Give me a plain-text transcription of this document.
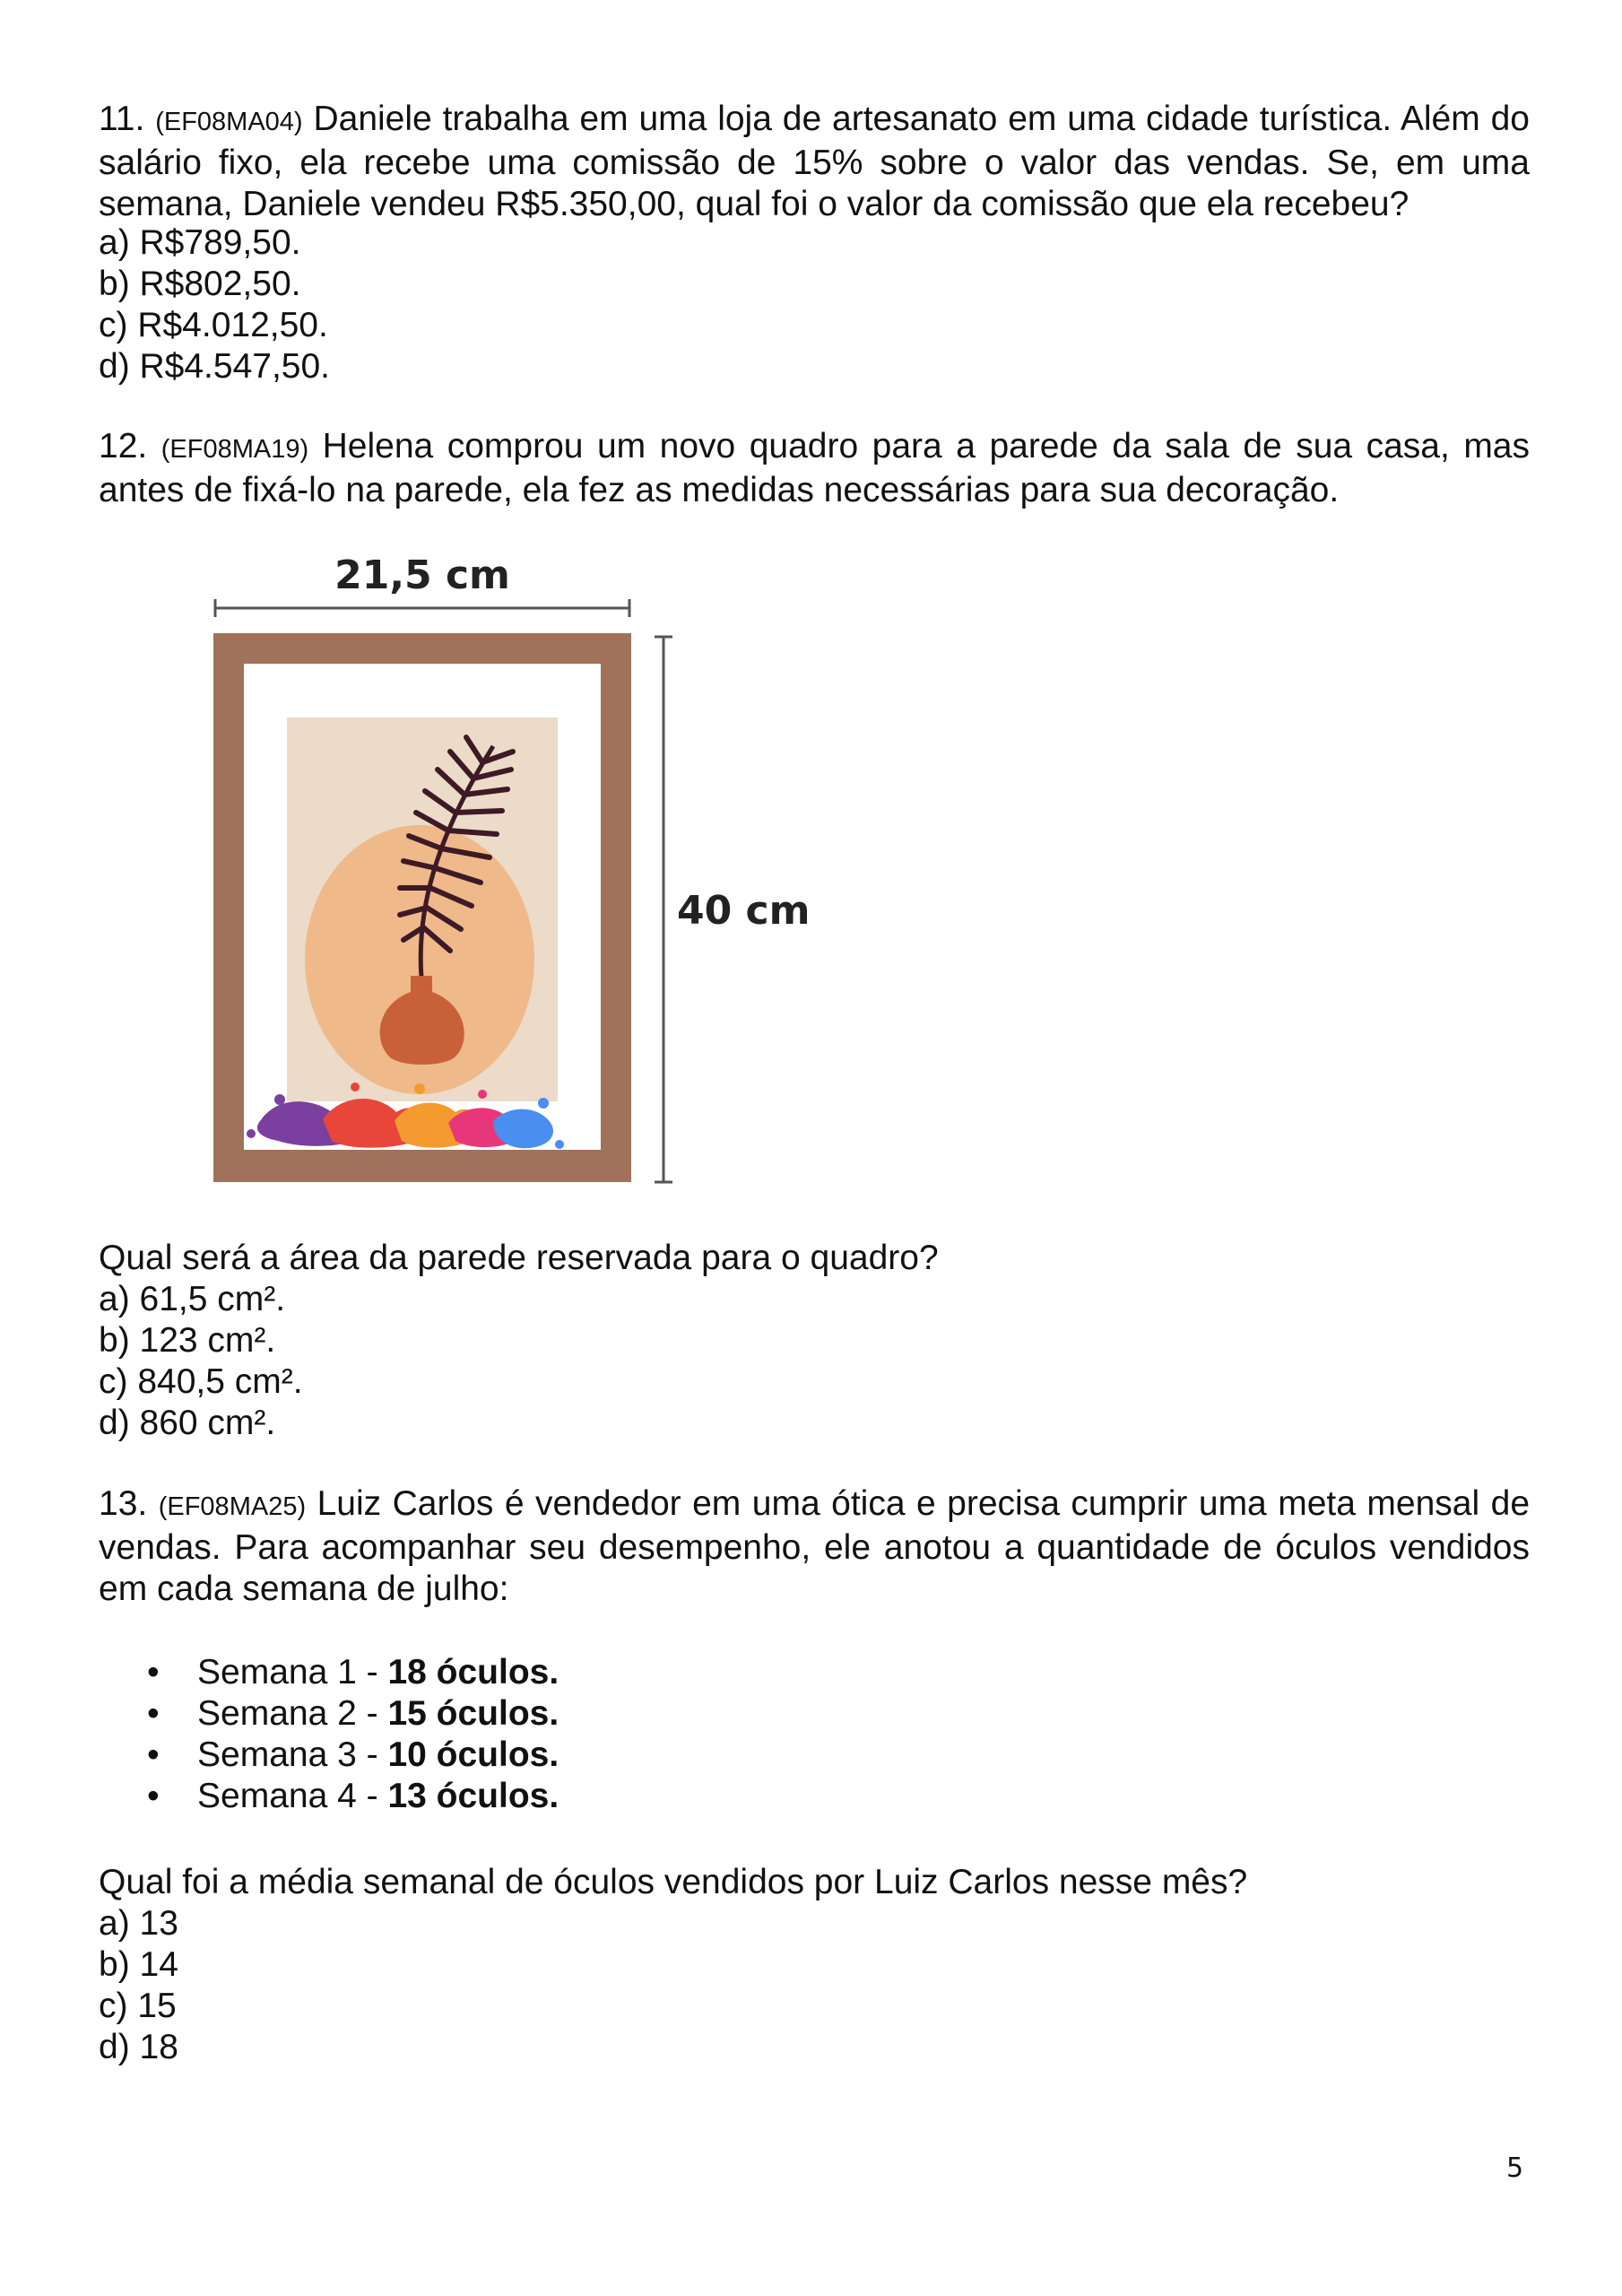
11. (EF08MA04) Daniele trabalha em uma loja de artesanato em uma cidade turística. Além do salário fixo, ela recebe uma comissão de 15% sobre o valor das vendas. Se, em uma semana, Daniele vendeu R$5.350,00, qual foi o valor da comissão que ela recebeu?

a) R$789,50.
b) R$802,50.
c) R$4.012,50.
d) R$4.547,50.

12. (EF08MA19) Helena comprou um novo quadro para a parede da sala de sua casa, mas antes de fixá-lo na parede, ela fez as medidas necessárias para sua decoração.

21,5 cm
40 cm

Qual será a área da parede reservada para o quadro?

a) 61,5 cm².
b) 123 cm².
c) 840,5 cm².
d) 860 cm².

13. (EF08MA25) Luiz Carlos é vendedor em uma ótica e precisa cumprir uma meta mensal de vendas. Para acompanhar seu desempenho, ele anotou a quantidade de óculos vendidos em cada semana de julho:

• Semana 1 - 18 óculos.
• Semana 2 - 15 óculos.
• Semana 3 - 10 óculos.
• Semana 4 - 13 óculos.

Qual foi a média semanal de óculos vendidos por Luiz Carlos nesse mês?

a) 13
b) 14
c) 15
d) 18
5
